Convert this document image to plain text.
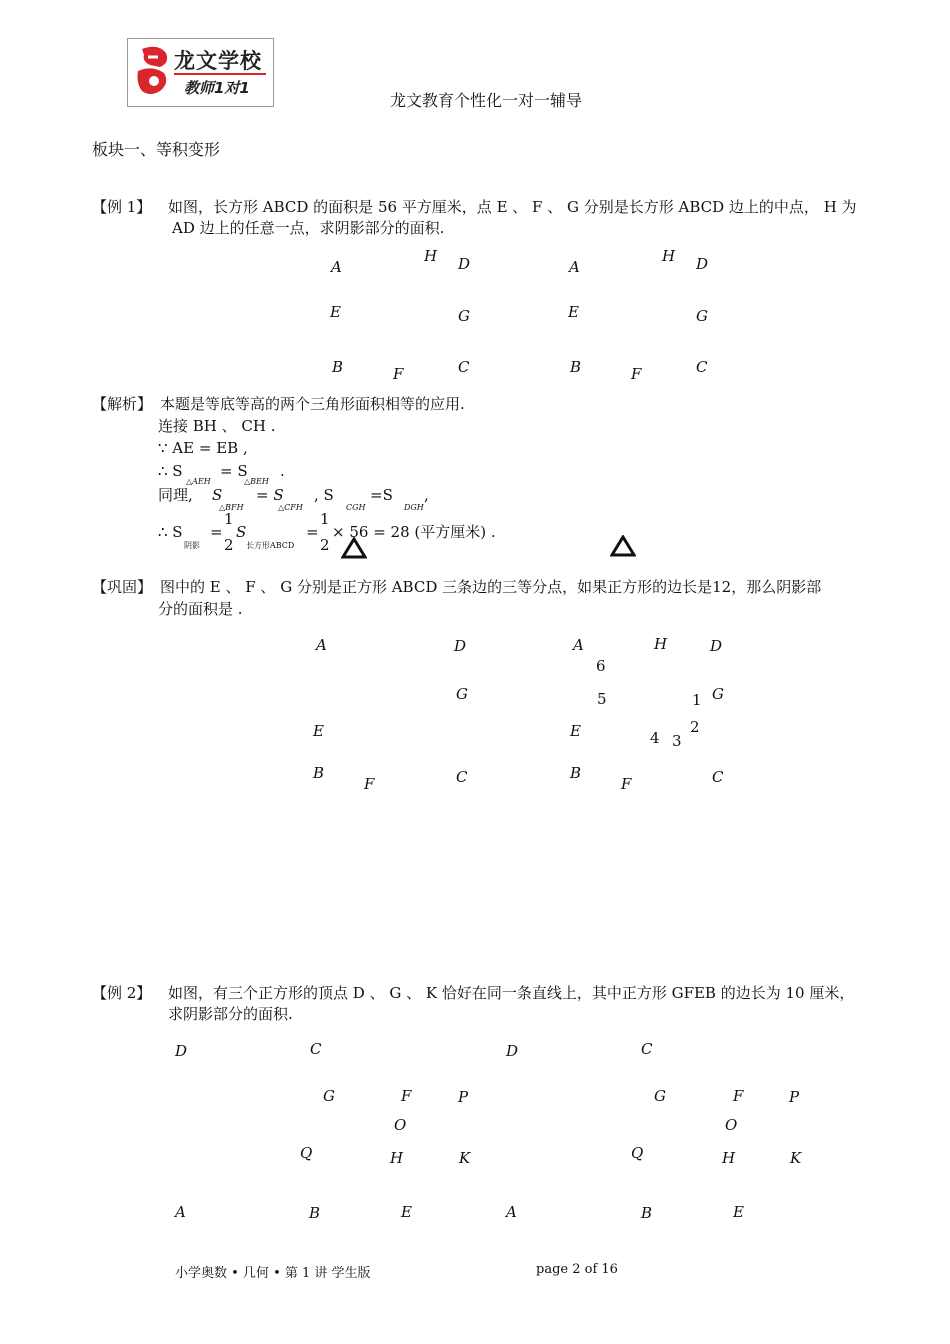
龙文学校
教师1对1
龙文教育个性化一对一辅导
板块一、等积变形
【例 1】 如图，长方形 ABCD 的面积是 56 平方厘米，点 E 、 F 、 G 分别是长方形 ABCD 边上的中点， H 为
AD 边上的任意一点，求阴影部分的面积.
A
H D
E	G
B	F	C
A
H D
E	G
B	F	C
【解析】 本题是等底等高的两个三角形面积相等的应用.
连接 BH 、 CH .
∵ AE = EB ,
∴ S
△AEH
= S
△BEH
.
同理, S
△BFH
= S
△CFH
, S
CGH
=S
DGH
,
∴ S
阴影
=
1
2
S
长方形ABCD
=
1
2
× 56 = 28 (平方厘米) .
【巩固】 图中的 E 、 F 、 G 分别是正方形 ABCD 三条边的三等分点，如果正方形的边长是12，那么阴影部
分的面积是 .
A	D
G
E
B
F	C
A	H	D
6
5	1 G
2
E	4 3
B
F	C
【例 2】 如图，有三个正方形的顶点 D 、 G 、 K 恰好在同一条直线上，其中正方形 GFEB 的边长为 10 厘米，
求阴影部分的面积.
D	C
G	F	P
O
Q	H	K
A	B	E
D	C
G	F	P
O
Q	H	K
A	B	E
小学奥数 • 几何 • 第 1 讲 学生版	page 2 of 16
